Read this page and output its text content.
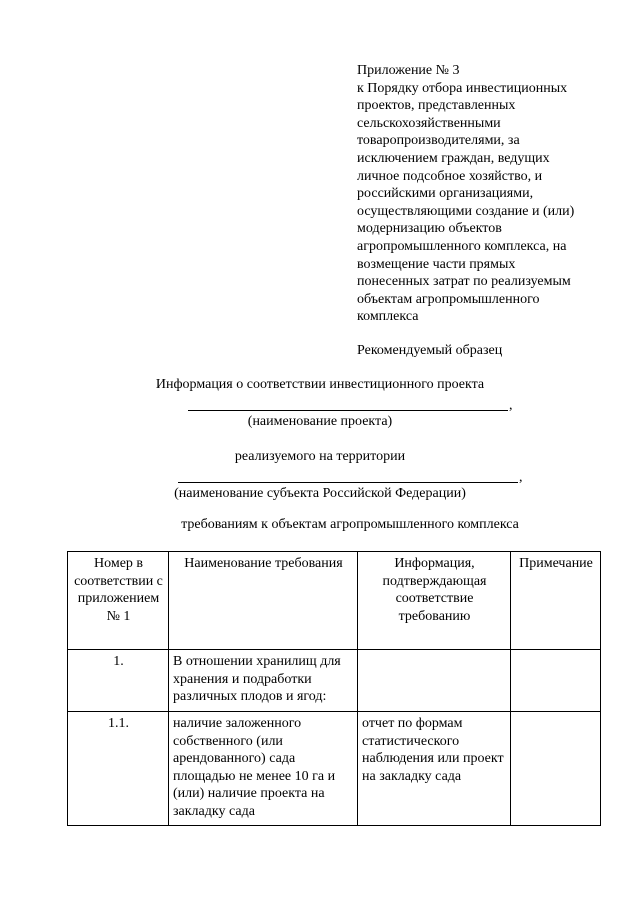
Приложение № 3
к Порядку отбора инвестиционных
проектов, представленных
сельскохозяйственными
товаропроизводителями, за
исключением граждан, ведущих
личное подсобное хозяйство, и
российскими организациями,
осуществляющими создание и (или)
модернизацию объектов
агропромышленного комплекса, на
возмещение части прямых
понесенных затрат по реализуемым
объектам агропромышленного
комплекса
Рекомендуемый образец
Информация о соответствии инвестиционного проекта
,
(наименование проекта)
реализуемого на территории
,
(наименование субъекта Российской Федерации)
требованиям к объектам агропромышленного комплекса
Номер в соответствии с приложением № 1	Наименование требования	Информация, подтверждающая соответствие требованию	Примечание
1.	В отношении хранилищ для хранения и подработки различных плодов и ягод:		
1.1.	наличие заложенного собственного (или арендованного) сада площадью не менее 10 га и (или) наличие проекта на закладку сада	отчет по формам статистического наблюдения или проект на закладку сада	
